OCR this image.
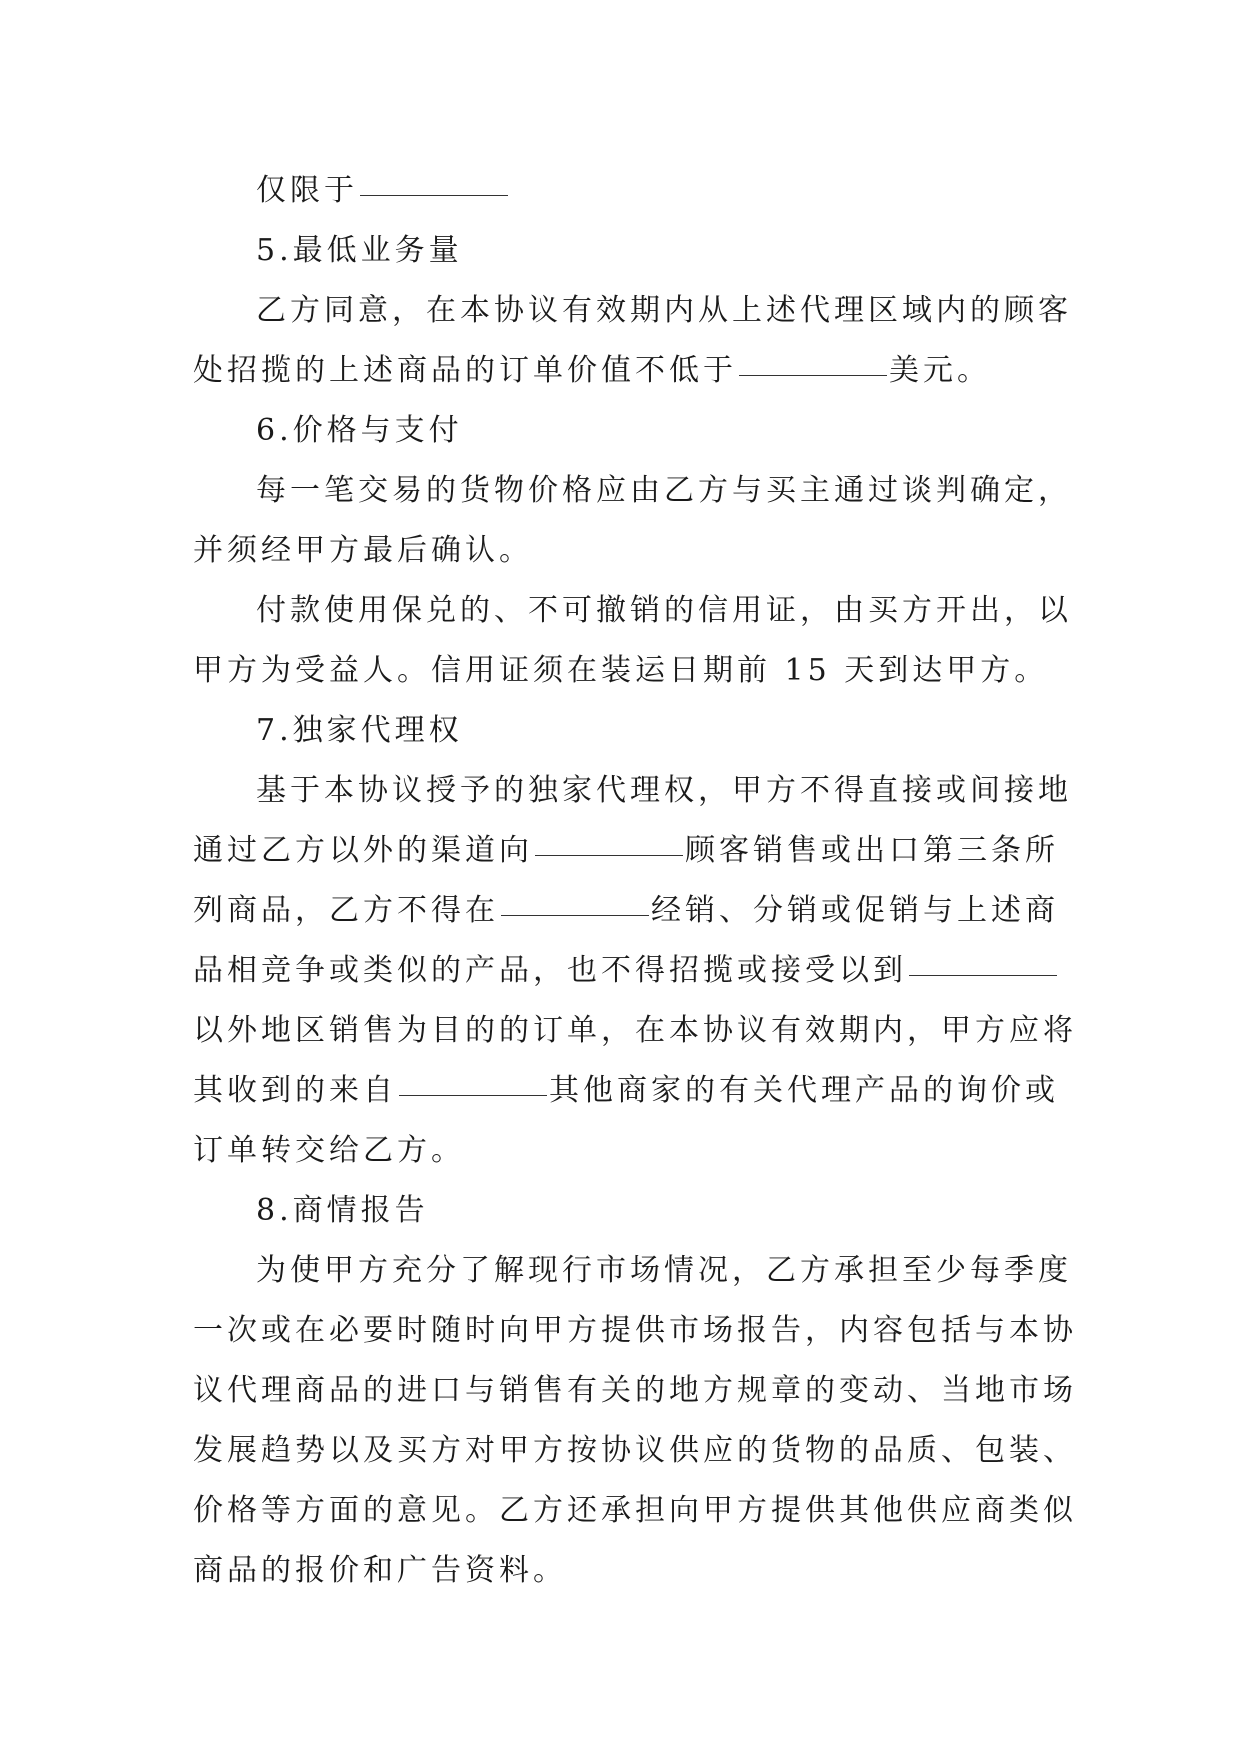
仅限于
5.最低业务量
乙方同意，在本协议有效期内从上述代理区域内的顾客
处招揽的上述商品的订单价值不低于	美元。
6.价格与支付
每一笔交易的货物价格应由乙方与买主通过谈判确定，
并须经甲方最后确认。
付款使用保兑的、不可撤销的信用证，由买方开出，以
甲方为受益人。信用证须在装运日期前 15 天到达甲方。
7.独家代理权
基于本协议授予的独家代理权，甲方不得直接或间接地
通过乙方以外的渠道向	顾客销售或出口第三条所
列商品，乙方不得在	经销、分销或促销与上述商
品相竞争或类似的产品，也不得招揽或接受以到
以外地区销售为目的的订单，在本协议有效期内，甲方应将
其收到的来自	其他商家的有关代理产品的询价或
订单转交给乙方。
8.商情报告
为使甲方充分了解现行市场情况，乙方承担至少每季度
一次或在必要时随时向甲方提供市场报告，内容包括与本协
议代理商品的进口与销售有关的地方规章的变动、当地市场
发展趋势以及买方对甲方按协议供应的货物的品质、包装、
价格等方面的意见。乙方还承担向甲方提供其他供应商类似
商品的报价和广告资料。
